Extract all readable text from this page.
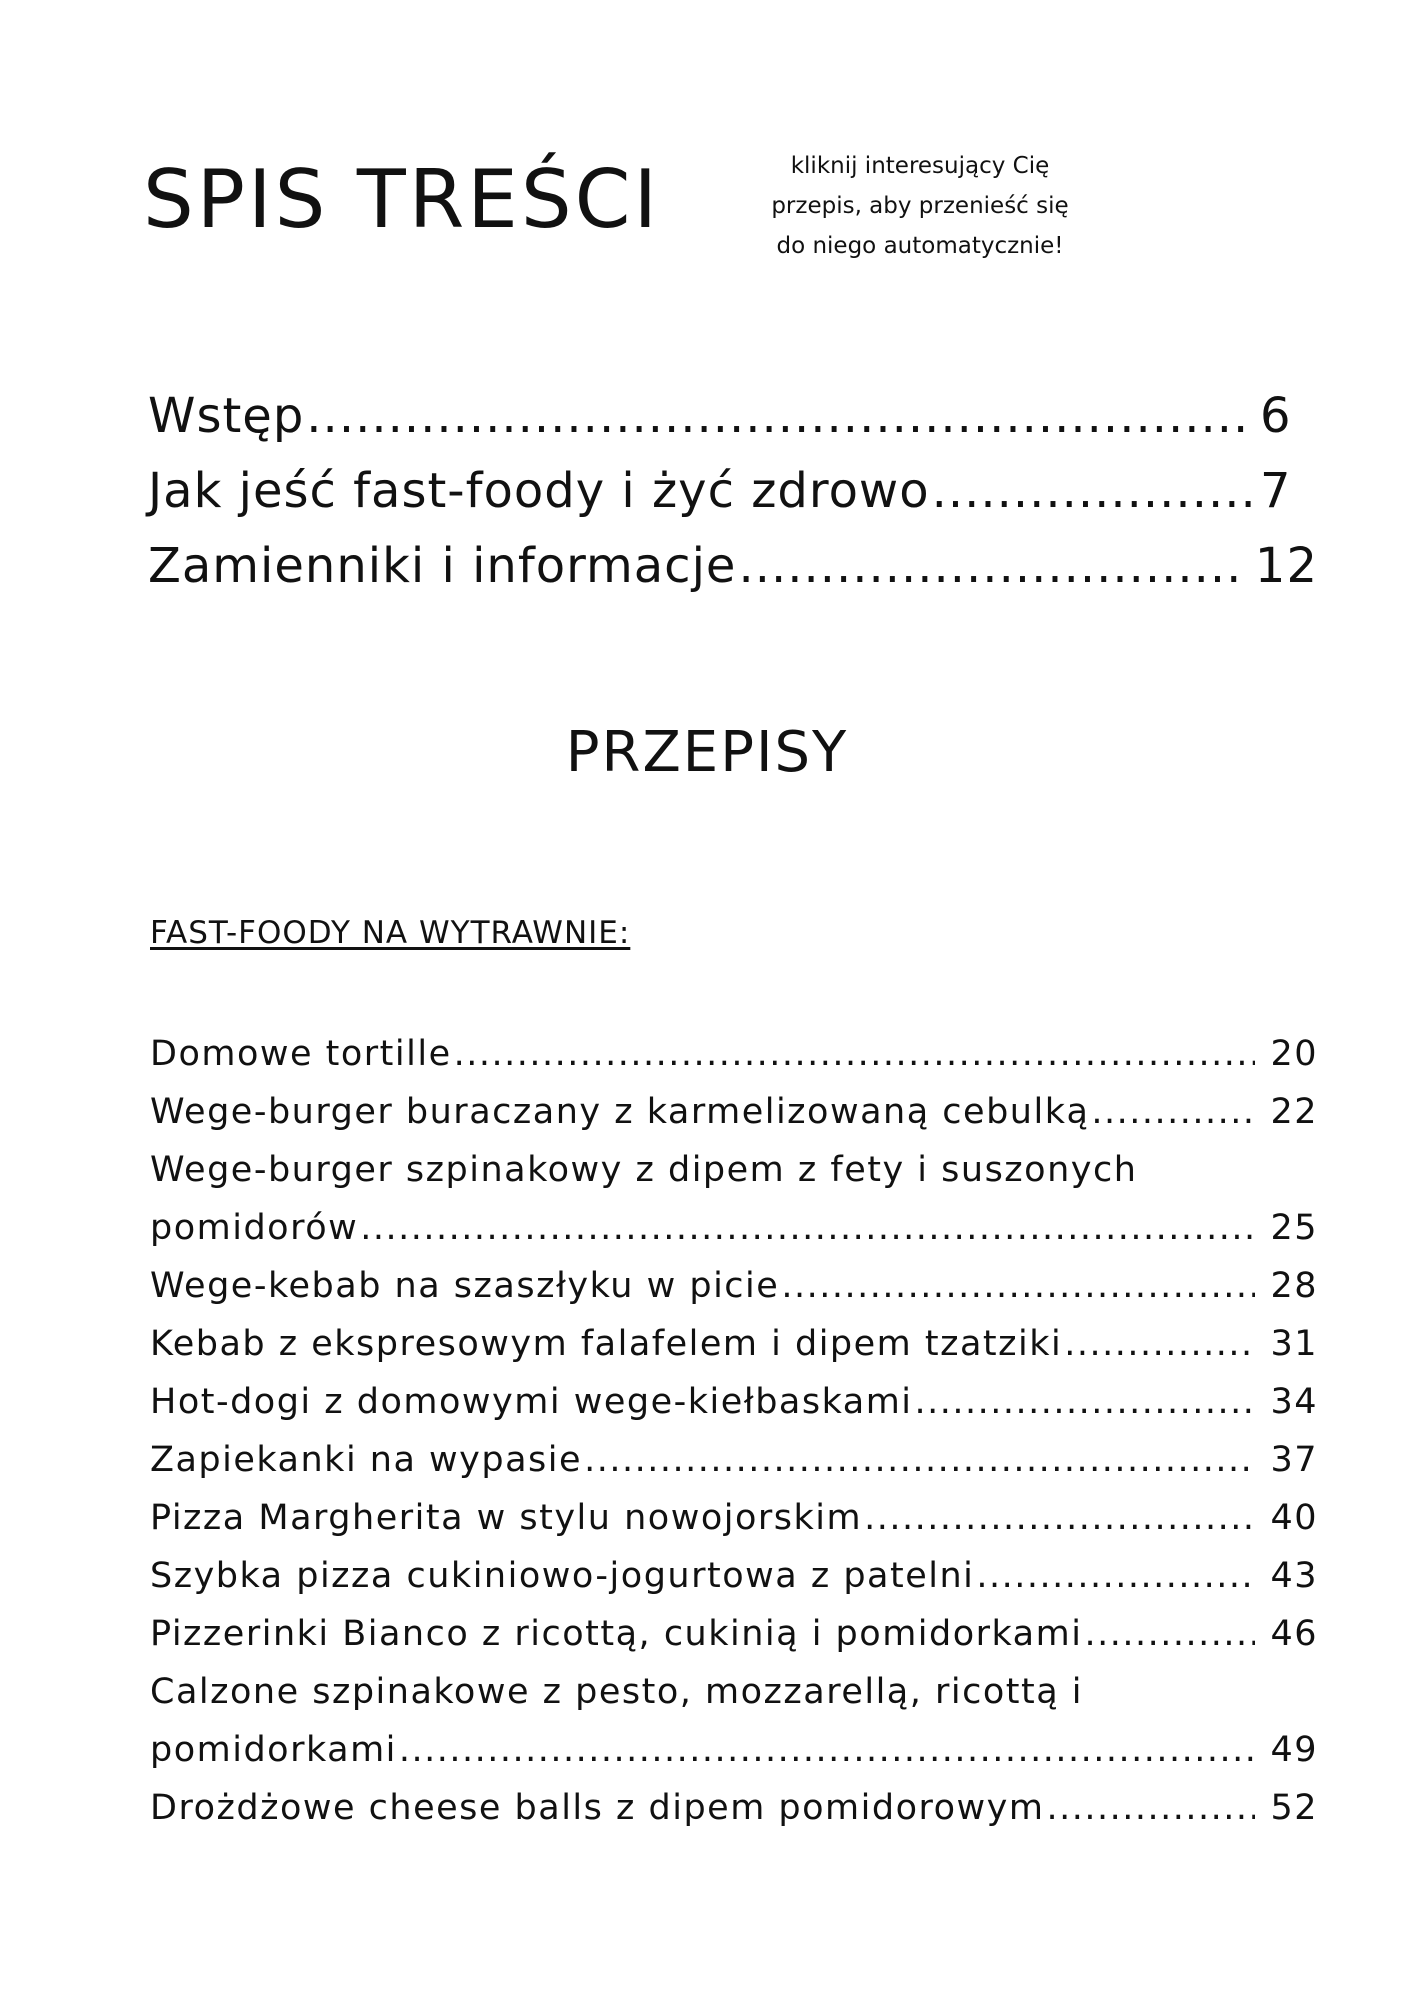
SPIS TREŚCI	kliknij interesujący Cię
przepis, aby przenieść się
do niego automatycznie!
Wstęp .....	6
Jak jeść fast-foody i żyć zdrowo .....	7
Zamienniki i informacje .....	12
PRZEPISY
FAST-FOODY NA WYTRAWNIE:
Domowe tortille .....	20
Wege-burger buraczany z karmelizowaną cebulką .....	22
Wege-burger szpinakowy z dipem z fety i suszonych
pomidorów .....	25
Wege-kebab na szaszłyku w picie .....	28
Kebab z ekspresowym falafelem i dipem tzatziki .....	31
Hot-dogi z domowymi wege-kiełbaskami .....	34
Zapiekanki na wypasie .....	37
Pizza Margherita w stylu nowojorskim .....	40
Szybka pizza cukiniowo-jogurtowa z patelni .....	43
Pizzerinki Bianco z ricottą, cukinią i pomidorkami .....	46
Calzone szpinakowe z pesto, mozzarellą, ricottą i
pomidorkami .....	49
Drożdżowe cheese balls z dipem pomidorowym .....	52
